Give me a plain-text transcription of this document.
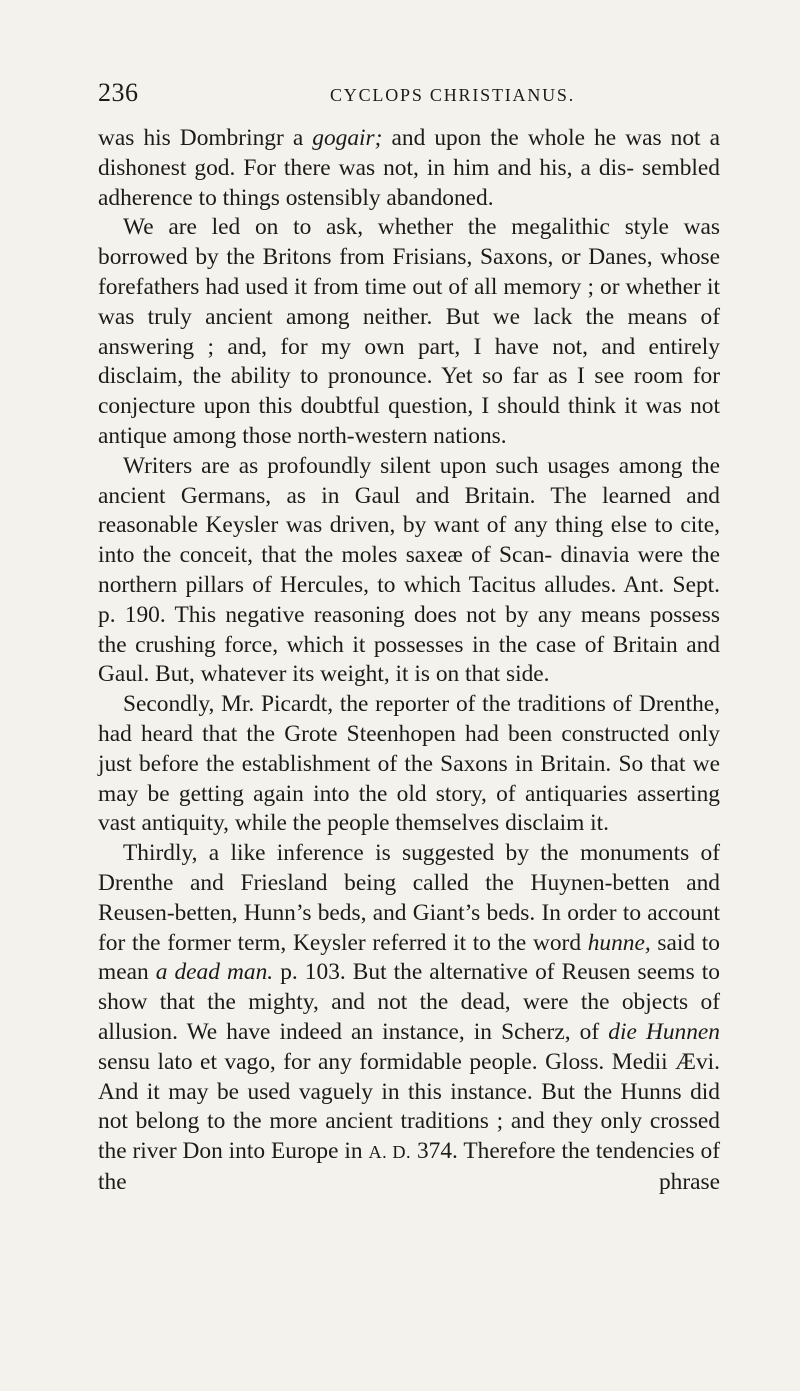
236	CYCLOPS CHRISTIANUS.

was his Dombringr a gogair; and upon the whole he was not a dishonest god. For there was not, in him and his, a dis- sembled adherence to things ostensibly abandoned.

We are led on to ask, whether the megalithic style was borrowed by the Britons from Frisians, Saxons, or Danes, whose forefathers had used it from time out of all memory ; or whether it was truly ancient among neither. But we lack the means of answering ; and, for my own part, I have not, and entirely disclaim, the ability to pronounce. Yet so far as I see room for conjecture upon this doubtful question, I should think it was not antique among those north-western nations.

Writers are as profoundly silent upon such usages among the ancient Germans, as in Gaul and Britain. The learned and reasonable Keysler was driven, by want of any thing else to cite, into the conceit, that the moles saxeæ of Scan- dinavia were the northern pillars of Hercules, to which Tacitus alludes. Ant. Sept. p. 190. This negative reasoning does not by any means possess the crushing force, which it possesses in the case of Britain and Gaul. But, whatever its weight, it is on that side.

Secondly, Mr. Picardt, the reporter of the traditions of Drenthe, had heard that the Grote Steenhopen had been constructed only just before the establishment of the Saxons in Britain. So that we may be getting again into the old story, of antiquaries asserting vast antiquity, while the people themselves disclaim it.

Thirdly, a like inference is suggested by the monuments of Drenthe and Friesland being called the Huynen-betten and Reusen-betten, Hunn’s beds, and Giant’s beds. In order to account for the former term, Keysler referred it to the word hunne, said to mean a dead man. p. 103. But the alternative of Reusen seems to show that the mighty, and not the dead, were the objects of allusion. We have indeed an instance, in Scherz, of die Hunnen sensu lato et vago, for any formidable people. Gloss. Medii Ævi. And it may be used vaguely in this instance. But the Hunns did not belong to the more ancient traditions ; and they only crossed the river Don into Europe in A. D. 374. Therefore the tendencies of the phrase
